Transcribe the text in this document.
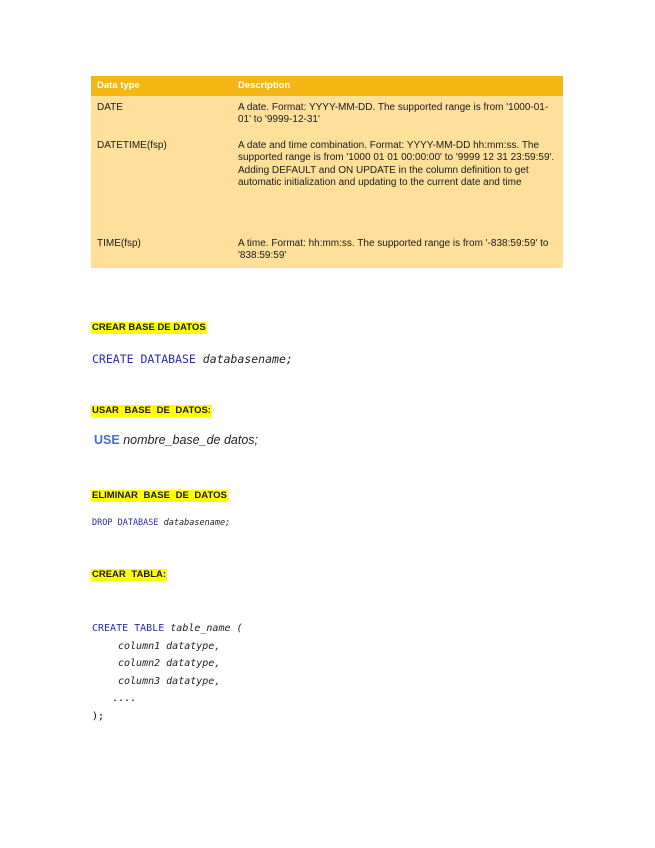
Data type	Description
DATE	A date. Format: YYYY-MM-DD. The supported range is from '1000-01-01' to '9999-12-31'
DATETIME(fsp)	A date and time combination. Format: YYYY-MM-DD hh:mm:ss. The supported range is from '1000 01 01 00:00:00' to '9999 12 31 23:59:59'. Adding DEFAULT and ON UPDATE in the column definition to get automatic initialization and updating to the current date and time
TIME(fsp)	A time. Format: hh:mm:ss. The supported range is from '-838:59:59' to '838:59:59'
CREAR BASE DE DATOS
CREATE DATABASE databasename;
USAR BASE DE DATOS:
USE nombre_base_de datos;
ELIMINAR BASE DE DATOS
DROP DATABASE databasename;
CREAR TABLA:
CREATE TABLE table_name (
column1 datatype,
column2 datatype,
column3 datatype,
....
);
